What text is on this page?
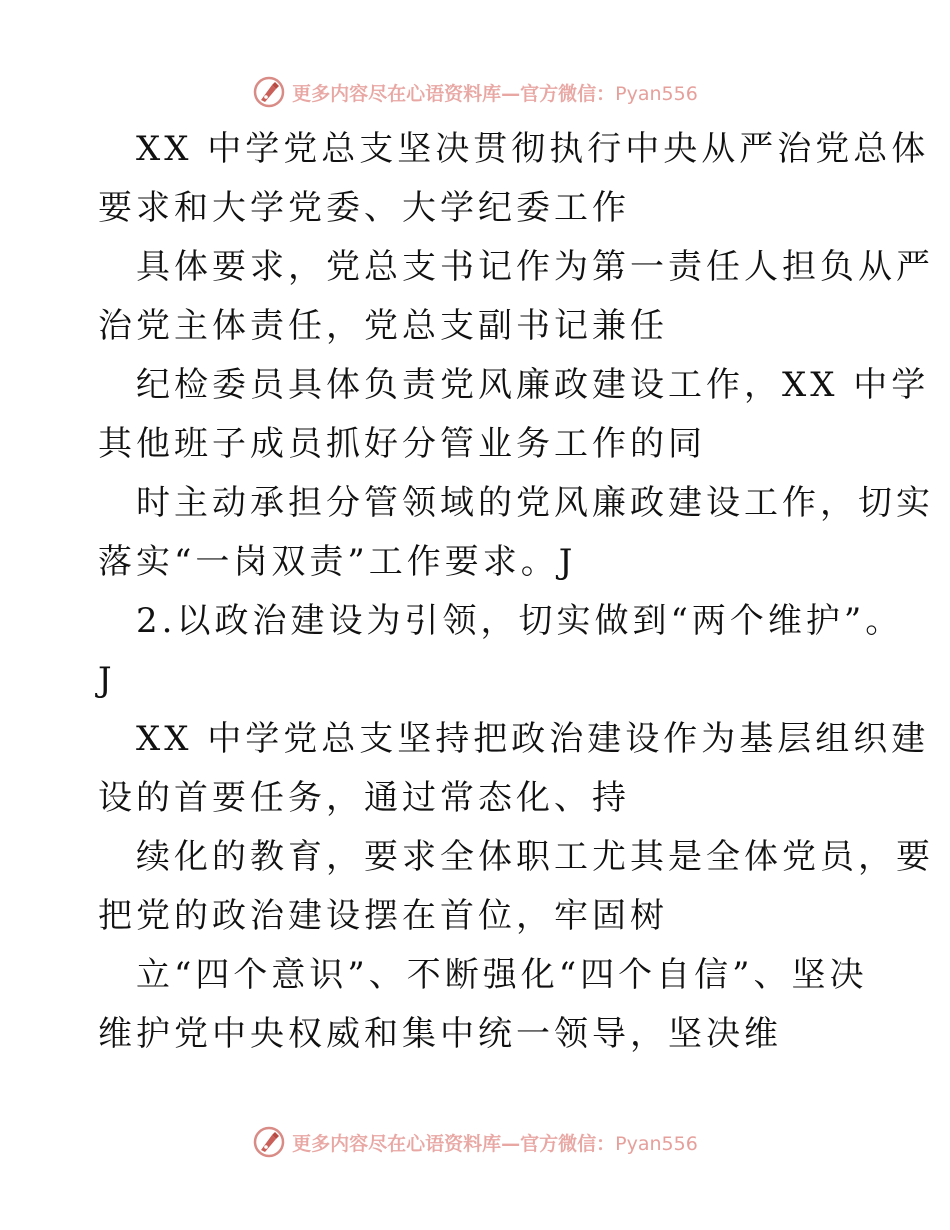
更多内容尽在心语资料库—官方微信：Pyan556
XX 中学党总支坚决贯彻执行中央从严治党总体
要求和大学党委、大学纪委工作
具体要求，党总支书记作为第一责任人担负从严
治党主体责任，党总支副书记兼任
纪检委员具体负责党风廉政建设工作，XX 中学
其他班子成员抓好分管业务工作的同
时主动承担分管领域的党风廉政建设工作，切实
落实“一岗双责”工作要求。J
2.以政治建设为引领，切实做到“两个维护”。
J
XX 中学党总支坚持把政治建设作为基层组织建
设的首要任务，通过常态化、持
续化的教育，要求全体职工尤其是全体党员，要
把党的政治建设摆在首位，牢固树
立“四个意识”、不断强化“四个自信”、坚决
维护党中央权威和集中统一领导，坚决维
更多内容尽在心语资料库—官方微信：Pyan556
